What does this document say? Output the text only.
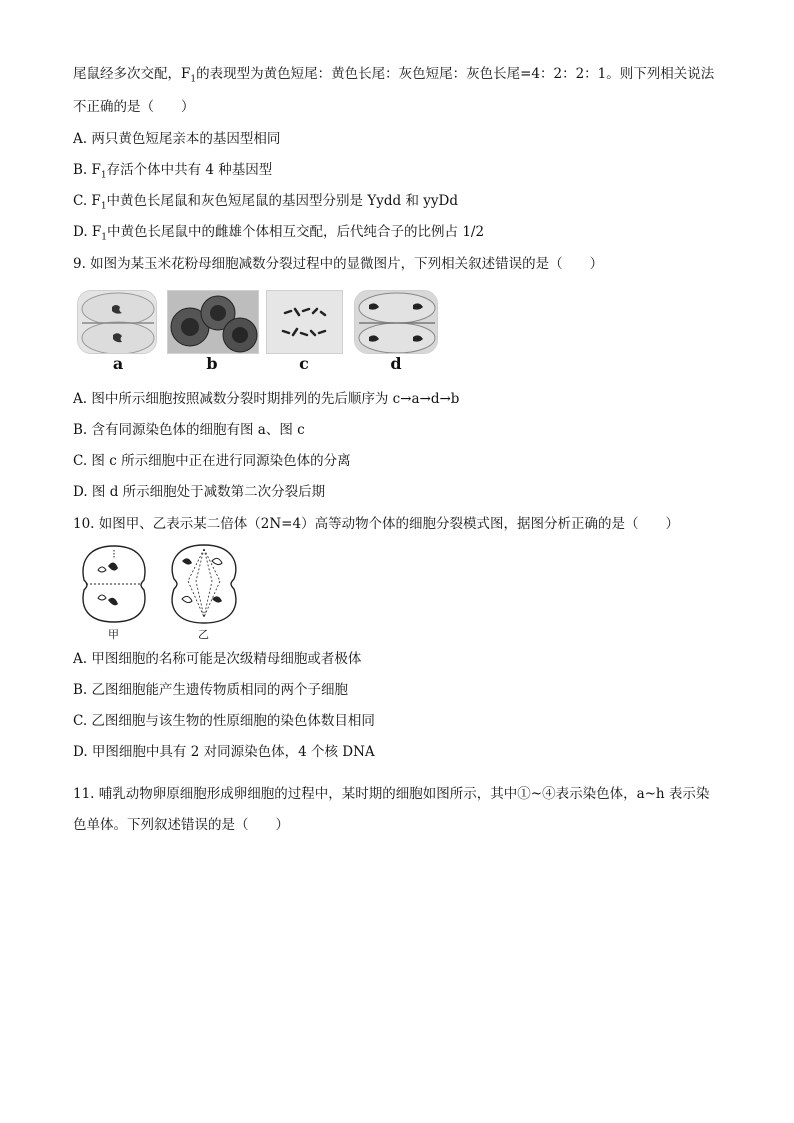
尾鼠经多次交配，$F_1$的表现型为黄色短尾：黄色长尾：灰色短尾：灰色长尾=4：2：2：1。则下列相关说法
不正确的是（　　）
A. 两只黄色短尾亲本的基因型相同
B. $F_1$存活个体中共有 4 种基因型
C. $F_1$中黄色长尾鼠和灰色短尾鼠的基因型分别是 Yydd 和 yyDd
D. $F_1$中黄色长尾鼠中的雌雄个体相互交配，后代纯合子的比例占 1/2
9. 如图为某玉米花粉母细胞减数分裂过程中的显微图片，下列相关叙述错误的是（　　）
a	b	c	d
A. 图中所示细胞按照减数分裂时期排列的先后顺序为 c→a→d→b
B. 含有同源染色体的细胞有图 a、图 c
C. 图 c 所示细胞中正在进行同源染色体的分离
D. 图 d 所示细胞处于减数第二次分裂后期
10. 如图甲、乙表示某二倍体（2N=4）高等动物个体的细胞分裂模式图，据图分析正确的是（　　）
甲	乙
A. 甲图细胞的名称可能是次级精母细胞或者极体
B. 乙图细胞能产生遗传物质相同的两个子细胞
C. 乙图细胞与该生物的性原细胞的染色体数目相同
D. 甲图细胞中具有 2 对同源染色体，4 个核 DNA
11. 哺乳动物卵原细胞形成卵细胞的过程中，某时期的细胞如图所示，其中①~④表示染色体，a~h 表示染
色单体。下列叙述错误的是（　　）
